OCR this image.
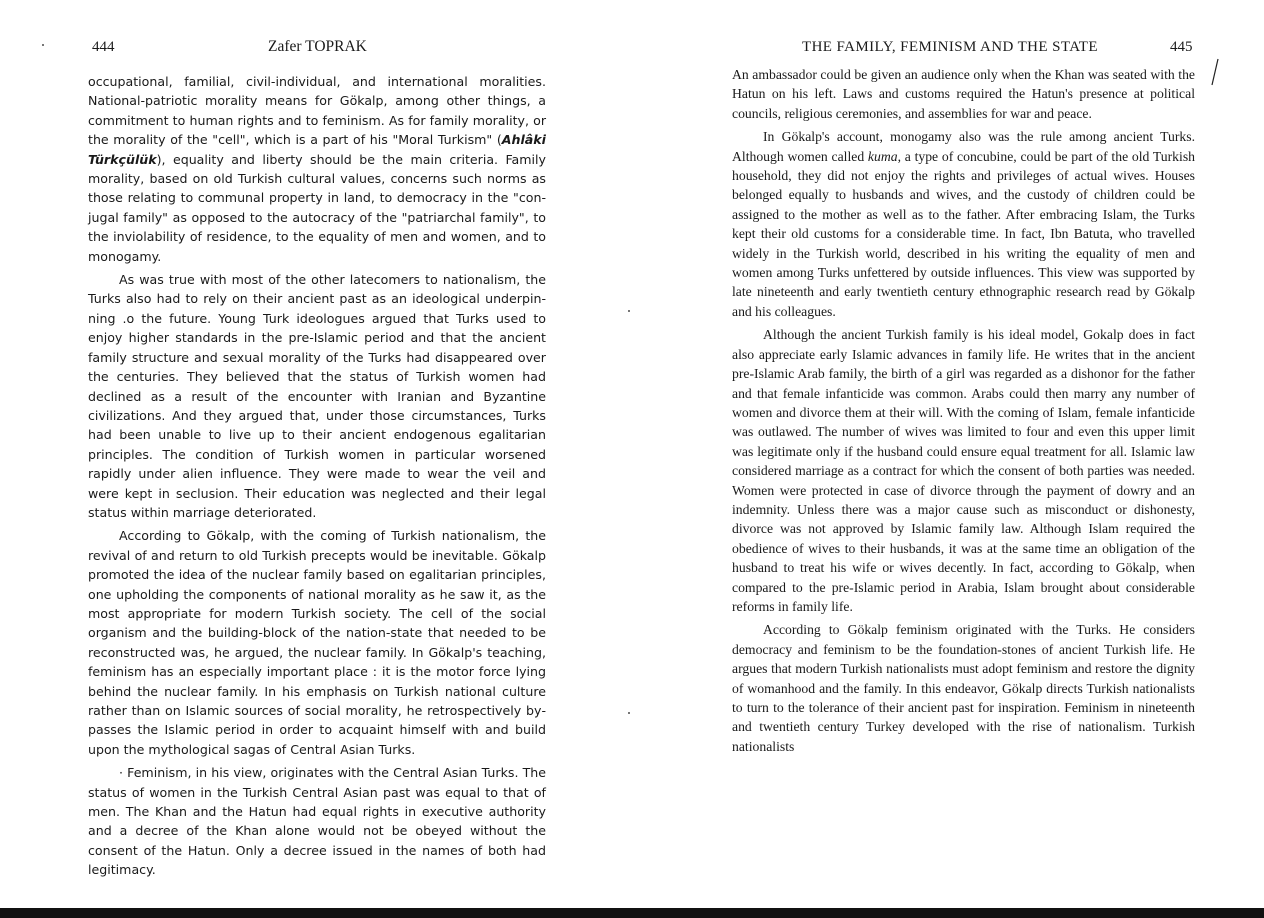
444	Zafer TOPRAK

occupational, familial, civil-individual, and international moralities. National-patriotic morality means for Gökalp, among other things, a commitment to human rights and to feminism. As for family morality, or the morality of the "cell", which is a part of his "Moral Turkism" (Ahlâki Türkçülük), equality and liberty should be the main criteria. Family morality, based on old Turkish cultural values, concerns such norms as those relating to communal property in land, to democracy in the "conjugal family" as opposed to the autocracy of the "patriarchal family", to the inviolability of residence, to the equality of men and women, and to monogamy.

As was true with most of the other latecomers to nationalism, the Turks also had to rely on their ancient past as an ideological underpinning .o the future. Young Turk ideologues argued that Turks used to enjoy higher standards in the pre-Islamic period and that the ancient family structure and sexual morality of the Turks had disappeared over the centuries. They believed that the status of Turkish women had declined as a result of the encounter with Iranian and Byzantine civilizations. And they argued that, under those circumstances, Turks had been unable to live up to their ancient endogenous egalitarian principles. The condition of Turkish women in particular worsened rapidly under alien influence. They were made to wear the veil and were kept in seclusion. Their education was neglected and their legal status within marriage deteriorated.

According to Gökalp, with the coming of Turkish nationalism, the revival of and return to old Turkish precepts would be inevitable. Gökalp promoted the idea of the nuclear family based on egalitarian principles, one upholding the components of national morality as he saw it, as the most appropriate for modern Turkish society. The cell of the social organism and the building-block of the nation-state that needed to be reconstructed was, he argued, the nuclear family. In Gökalp's teaching, feminism has an especially important place : it is the motor force lying behind the nuclear family. In his emphasis on Turkish national culture rather than on Islamic sources of social morality, he retrospectively bypasses the Islamic period in order to acquaint himself with and build upon the mythological sagas of Central Asian Turks.

· Feminism, in his view, originates with the Central Asian Turks. The status of women in the Turkish Central Asian past was equal to that of men. The Khan and the Hatun had equal rights in executive authority and a decree of the Khan alone would not be obeyed without the consent of the Hatun. Only a decree issued in the names of both had legitimacy.

THE FAMILY, FEMINISM AND THE STATE	445

An ambassador could be given an audience only when the Khan was seated with the Hatun on his left. Laws and customs required the Hatun's presence at political councils, religious ceremonies, and assemblies for war and peace.

In Gökalp's account, monogamy also was the rule among ancient Turks. Although women called kuma, a type of concubine, could be part of the old Turkish household, they did not enjoy the rights and privileges of actual wives. Houses belonged equally to husbands and wives, and the custody of children could be assigned to the mother as well as to the father. After embracing Islam, the Turks kept their old customs for a considerable time. In fact, Ibn Batuta, who travelled widely in the Turkish world, described in his writing the equality of men and women among Turks unfettered by outside influences. This view was supported by late nineteenth and early twentieth century ethnographic research read by Gökalp and his colleagues.

Although the ancient Turkish family is his ideal model, Gokalp does in fact also appreciate early Islamic advances in family life. He writes that in the ancient pre-Islamic Arab family, the birth of a girl was regarded as a dishonor for the father and that female infanticide was common. Arabs could then marry any number of women and divorce them at their will. With the coming of Islam, female infanticide was outlawed. The number of wives was limited to four and even this upper limit was legitimate only if the husband could ensure equal treatment for all. Islamic law considered marriage as a contract for which the consent of both parties was needed. Women were protected in case of divorce through the payment of dowry and an indemnity. Unless there was a major cause such as misconduct or dishonesty, divorce was not approved by Islamic family law. Although Islam required the obedience of wives to their husbands, it was at the same time an obligation of the husband to treat his wife or wives decently. In fact, according to Gökalp, when compared to the pre-Islamic period in Arabia, Islam brought about considerable reforms in family life.

According to Gökalp feminism originated with the Turks. He considers democracy and feminism to be the foundation-stones of ancient Turkish life. He argues that modern Turkish nationalists must adopt feminism and restore the dignity of womanhood and the family. In this endeavor, Gökalp directs Turkish nationalists to turn to the tolerance of their ancient past for inspiration. Feminism in nineteenth and twentieth century Turkey developed with the rise of nationalism. Turkish nationalists
